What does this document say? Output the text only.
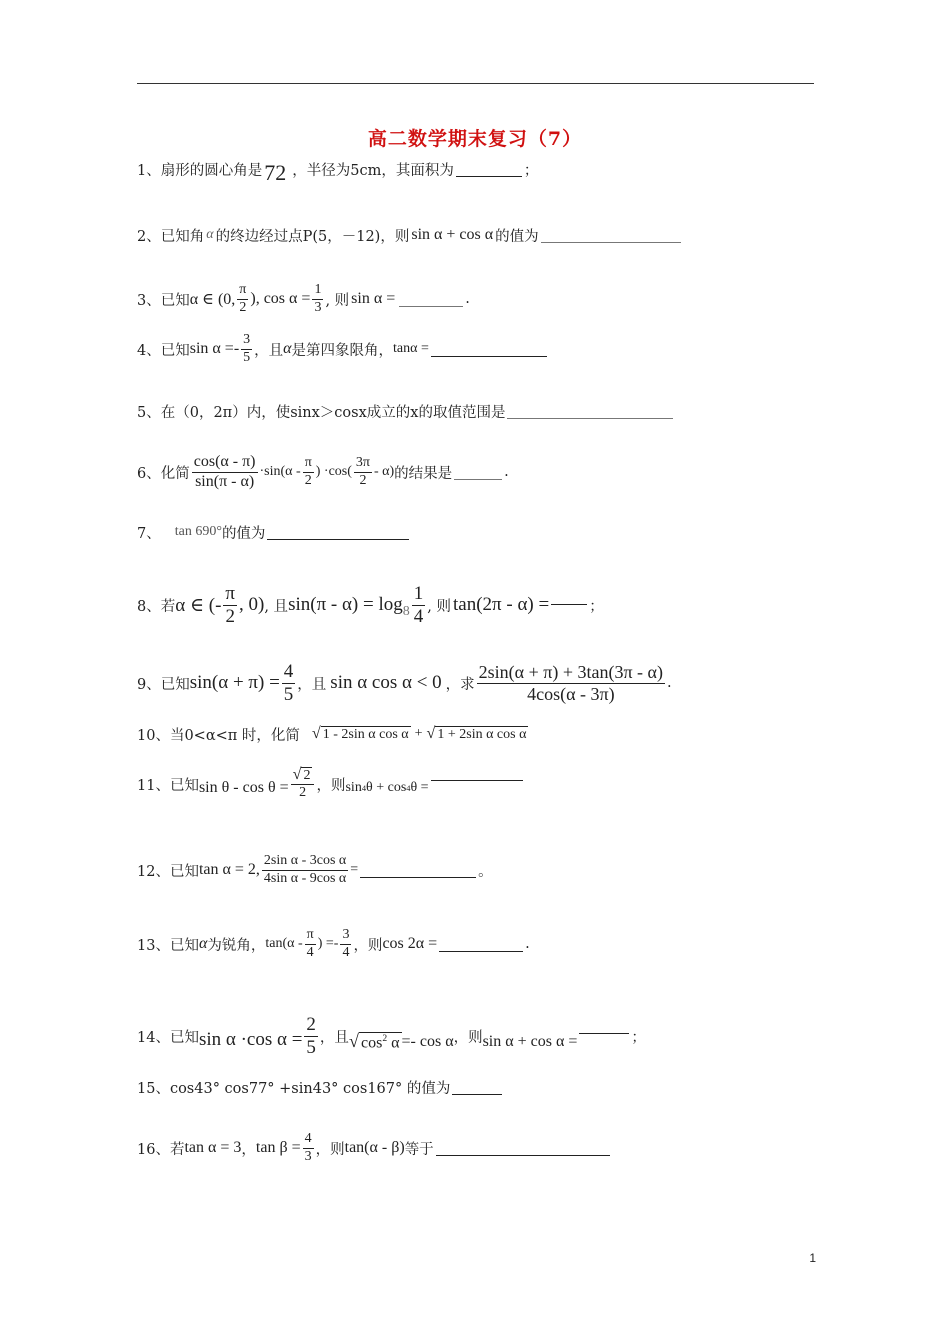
高二数学期末复习（7）
1、 扇形的圆心角是 72 ，半径为5cm，其面积为	；
2、 已知角 α 的终边经过点P(5，－12)，则 sin α + cos α 的值为
3、 已知 α ∈ (0, $\frac{\pi}{2}$ ), $\cos \alpha = \frac{1}{3}$ , 则 sin α =	.
4、 已知 $\sin \alpha =- \frac{3}{5}$ ，且 α 是第四象限角， tanα =
5、 在（0，2π）内，使sinx＞cosx成立的x的取值范围是
6、 化简 $\frac{\cos(\alpha - \pi)}{\sin(\pi - \alpha)} \cdot\sin(\alpha - \frac{\pi}{2}$ ) $\cdot\cos( \frac{3\pi}{2} - \alpha)$ 的结果是	.
7、 tan 690° 的值为
8、 若 α ∈ (- $\frac{\pi}{2}$ , 0) , 且 $\sin(\pi - \alpha) = \log 8 \frac{1}{4}$ , 则 tan(2π - α) =	；
9、 已知 $\sin(\alpha + \pi) = \frac{4}{5}$ ，且 sin α cos α < 0 ，求 $\frac{2\sin(\alpha + \pi) + 3\tan(3\pi - \alpha)}{4\cos(\alpha - 3\pi)}$ .
10、 当0<α<π 时，化简 √ 1 - 2sin α cos α + √ 1 + 2sin α cos α
11、 已知 $\sin \theta - \cos \theta = \frac{√ 2}{2}$ ，则 sin 4 θ + cos 4 θ =
12、 已知 tan α = 2, $\frac{\text{2sin α - 3cos α}}{\text{4sin α - 9cos α}}$ =	。
13、 已知 α 为锐角， $\tan(\alpha - \frac{\pi}{4}$ ) =- $\frac{3}{4}$ ，则 cos 2α =	.
14、 已知 sin α ·cos $\alpha = \frac{2}{5}$ ，且 √ $\cos^2 \alpha =- \cos \alpha$ ，则 sin α + cos α =	；
15、 cos43° cos77° +sin43° cos167° 的值为
16、 若 tan α = 3 ， $\tan \beta = \frac{4}{3}$ ，则 tan(α - β) 等于
1
